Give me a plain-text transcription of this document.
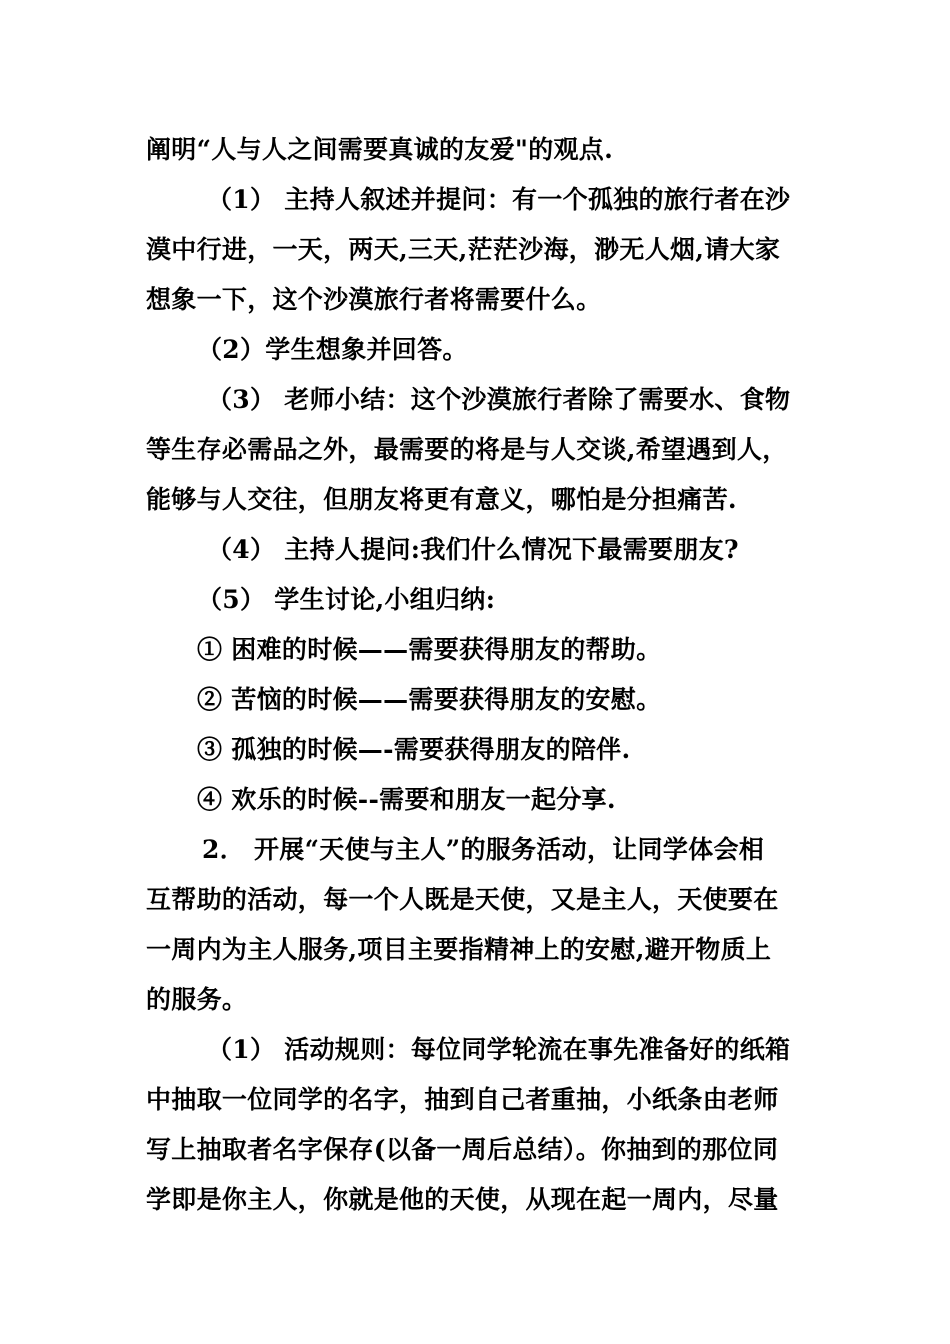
阐明“人与人之间需要真诚的友爱"的观点.
（1） 主持人叙述并提问：有一个孤独的旅行者在沙
漠中行进，一天，两天,三天,茫茫沙海，渺无人烟,请大家
想象一下，这个沙漠旅行者将需要什么。
（2）学生想象并回答。
（3） 老师小结：这个沙漠旅行者除了需要水、食物
等生存必需品之外，最需要的将是与人交谈,希望遇到人，
能够与人交往，但朋友将更有意义，哪怕是分担痛苦.
（4） 主持人提问:我们什么情况下最需要朋友?
（5） 学生讨论,小组归纳:
① 困难的时候——需要获得朋友的帮助。
② 苦恼的时候——需要获得朋友的安慰。
③ 孤独的时候—-需要获得朋友的陪伴.
④ 欢乐的时候--需要和朋友一起分享.
2． 开展“天使与主人”的服务活动，让同学体会相
互帮助的活动，每一个人既是天使，又是主人，天使要在
一周内为主人服务,项目主要指精神上的安慰,避开物质上
的服务。
（1） 活动规则：每位同学轮流在事先准备好的纸箱
中抽取一位同学的名字，抽到自己者重抽，小纸条由老师
写上抽取者名字保存(以备一周后总结）。你抽到的那位同
学即是你主人，你就是他的天使，从现在起一周内，尽量
